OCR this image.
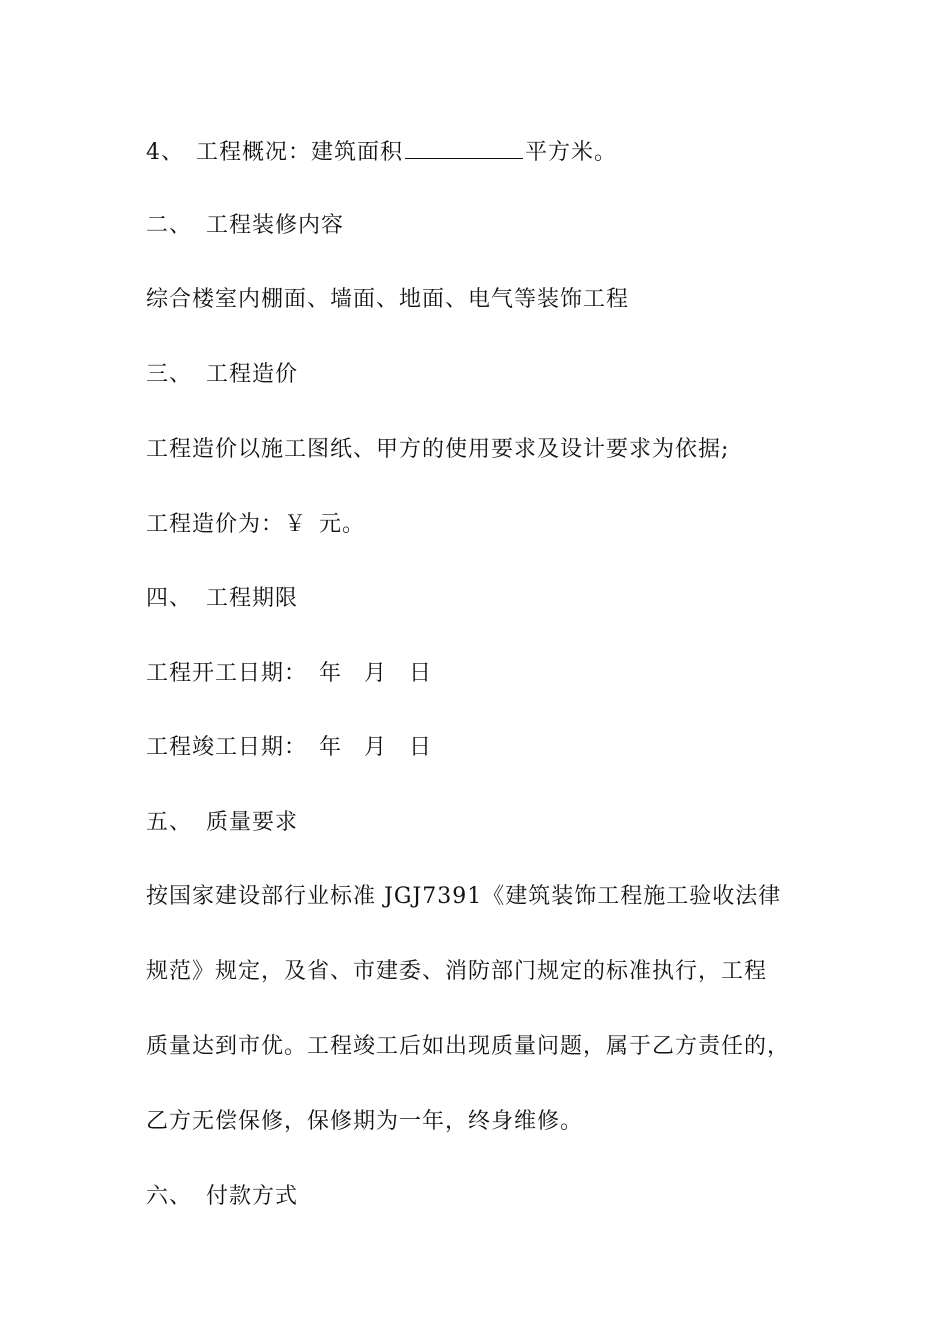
4、 工程概况：建筑面积	平方米。
二、 工程装修内容
综合楼室内棚面、墙面、地面、电气等装饰工程
三、 工程造价
工程造价以施工图纸、甲方的使用要求及设计要求为依据;
工程造价为：￥ 元。
四、 工程期限
工程开工日期： 年 月 日
工程竣工日期： 年 月 日
五、 质量要求
按国家建设部行业标准 JGJ7391《建筑装饰工程施工验收法律
规范》规定，及省、市建委、消防部门规定的标准执行，工程
质量达到市优。工程竣工后如出现质量问题，属于乙方责任的，
乙方无偿保修，保修期为一年，终身维修。
六、 付款方式
